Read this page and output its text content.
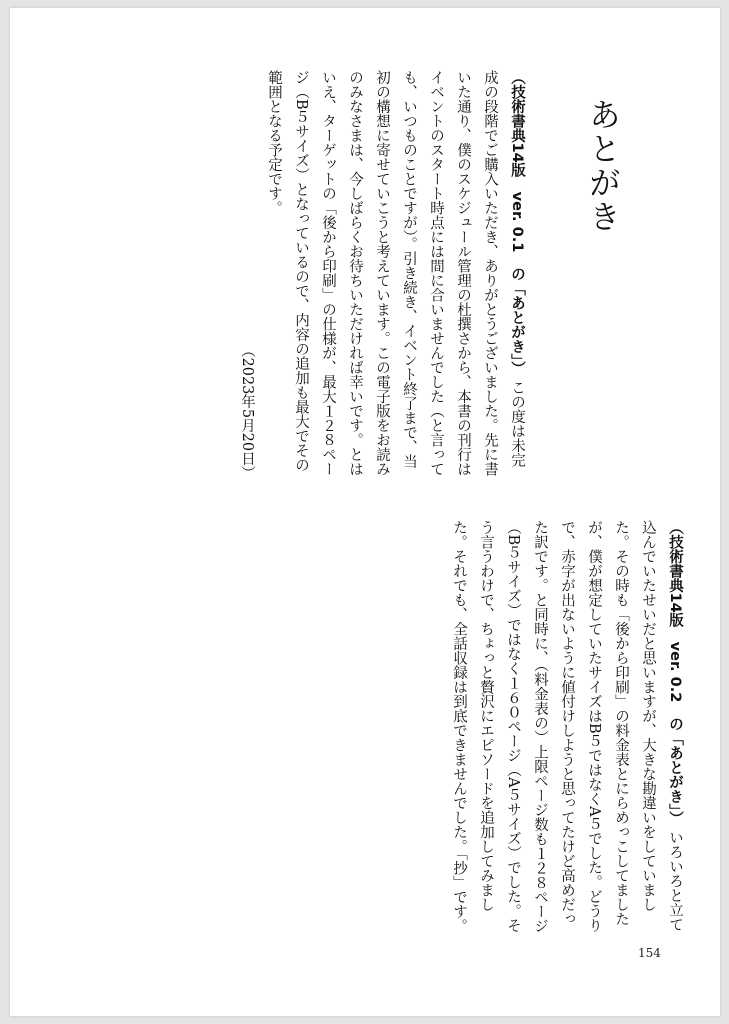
あとがき
（技術書典14版　ver. 0.1　の「あとがき」） この度は未完成の段階でご購入いただき、ありがとうございました。先に書いた通り、僕のスケジュール管理の杜撰さから、本書の刊行はイベントのスタート時点には間に合いませんでした（と言っても、いつものことですが）。引き続き、イベント終了まで、当初の構想に寄せていこうと考えています。この電子版をお読みのみなさまは、今しばらくお待ちいただければ幸いです。とはいえ、ターゲットの「後から印刷」の仕様が、最大１２８ページ（B５サイズ）となっているので、内容の追加も最大でその範囲となる予定です。
（2023年5月20日）
（技術書典14版　ver. 0.2　の「あとがき」） いろいろと立て込んでいたせいだと思いますが、大きな勘違いをしていました。その時も「後から印刷」の料金表とにらめっこしてましたが、僕が想定していたサイズはB５ではなくA５でした。どうりで、赤字が出ないように値付けしようと思ってたけど高めだった訳です。と同時に、（料金表の）上限ページ数も１２８ページ（B５サイズ）ではなく１６０ページ（A５サイズ）でした。そう言うわけで、ちょっと贅沢にエピソードを追加してみました。それでも、全話収録は到底できませんでした。「抄」です。
154
